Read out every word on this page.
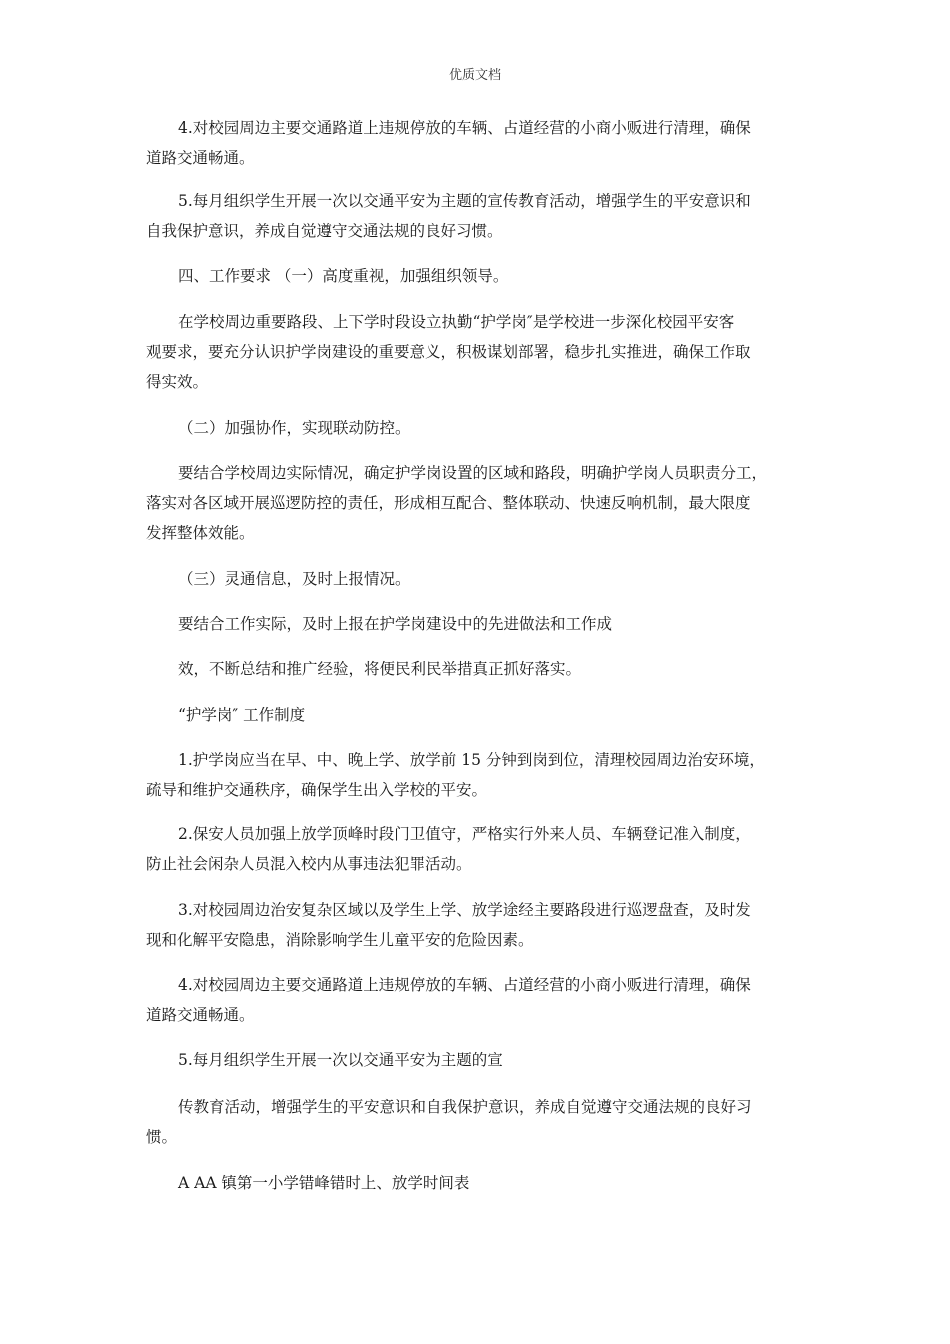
优质文档
4.对校园周边主要交通路道上违规停放的车辆、占道经营的小商小贩进行清理，确保
道路交通畅通。
5.每月组织学生开展一次以交通平安为主题的宣传教育活动，增强学生的平安意识和
自我保护意识，养成自觉遵守交通法规的良好习惯。
四、工作要求 （一）高度重视，加强组织领导。
在学校周边重要路段、上下学时段设立执勤“护学岗″是学校进一步深化校园平安客
观要求，要充分认识护学岗建设的重要意义，积极谋划部署，稳步扎实推进，确保工作取
得实效。
（二）加强协作，实现联动防控。
要结合学校周边实际情况，确定护学岗设置的区域和路段，明确护学岗人员职责分工，
落实对各区域开展巡逻防控的责任，形成相互配合、整体联动、快速反响机制，最大限度
发挥整体效能。
（三）灵通信息，及时上报情况。
要结合工作实际，及时上报在护学岗建设中的先进做法和工作成
效，不断总结和推广经验，将便民利民举措真正抓好落实。
“护学岗″ 工作制度
1.护学岗应当在早、中、晚上学、放学前 15 分钟到岗到位，清理校园周边治安环境，
疏导和维护交通秩序，确保学生出入学校的平安。
2.保安人员加强上放学顶峰时段门卫值守，严格实行外来人员、车辆登记准入制度，
防止社会闲杂人员混入校内从事违法犯罪活动。
3.对校园周边治安复杂区域以及学生上学、放学途经主要路段进行巡逻盘查，及时发
现和化解平安隐患，消除影响学生儿童平安的危险因素。
4.对校园周边主要交通路道上违规停放的车辆、占道经营的小商小贩进行清理，确保
道路交通畅通。
5.每月组织学生开展一次以交通平安为主题的宣
传教育活动，增强学生的平安意识和自我保护意识，养成自觉遵守交通法规的良好习
惯。
A AA 镇第一小学错峰错时上、放学时间表
